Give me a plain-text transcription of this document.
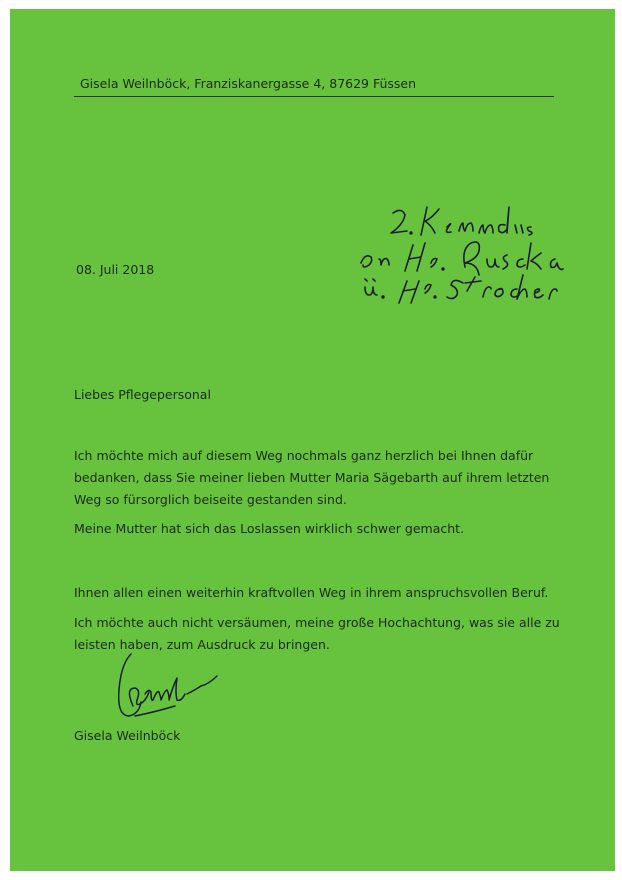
Gisela Weilnböck, Franziskanergasse 4, 87629 Füssen
08. Juli 2018
Liebes Pflegepersonal
Ich möchte mich auf diesem Weg nochmals ganz herzlich bei Ihnen dafür
bedanken, dass Sie meiner lieben Mutter Maria Sägebarth auf ihrem letzten
Weg so fürsorglich beiseite gestanden sind.
Meine Mutter hat sich das Loslassen wirklich schwer gemacht.
Ihnen allen einen weiterhin kraftvollen Weg in ihrem anspruchsvollen Beruf.
Ich möchte auch nicht versäumen, meine große Hochachtung, was sie alle zu
leisten haben, zum Ausdruck zu bringen.
Gisela Weilnböck
